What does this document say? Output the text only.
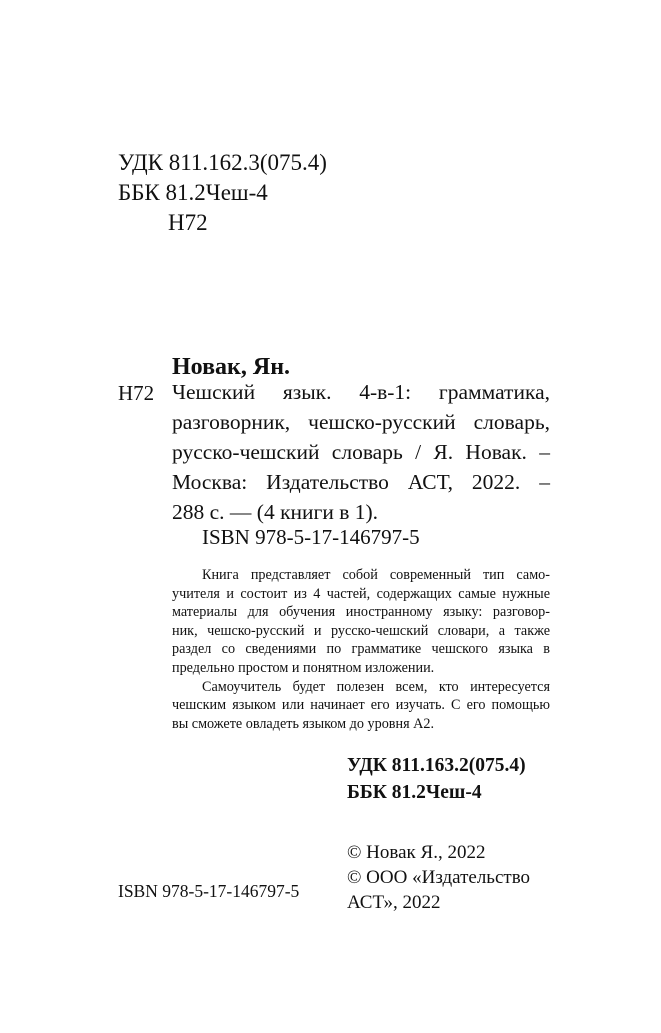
УДК 811.162.3(075.4)
ББК 81.2Чеш-4
Н72
Новак, Ян.
Н72 Чешский язык. 4-в-1: грамматика,
разговорник, чешско-русский словарь,
русско-чешский словарь / Я. Новак. –
Москва: Издательство АСТ, 2022. –
288 с. — (4 книги в 1).
ISBN 978-5-17-146797-5
Книга представляет собой современный тип само-
учителя и состоит из 4 частей, содержащих самые нужные
материалы для обучения иностранному языку: разговор-
ник, чешско-русский и русско-чешский словари, а также
раздел со сведениями по грамматике чешского языка в
предельно простом и понятном изложении.
Самоучитель будет полезен всем, кто интересуется
чешским языком или начинает его изучать. С его помощью
вы сможете овладеть языком до уровня А2.
УДК 811.163.2(075.4)
ББК 81.2Чеш-4
© Новак Я., 2022
© ООО «Издательство
АСТ», 2022
ISBN 978-5-17-146797-5
